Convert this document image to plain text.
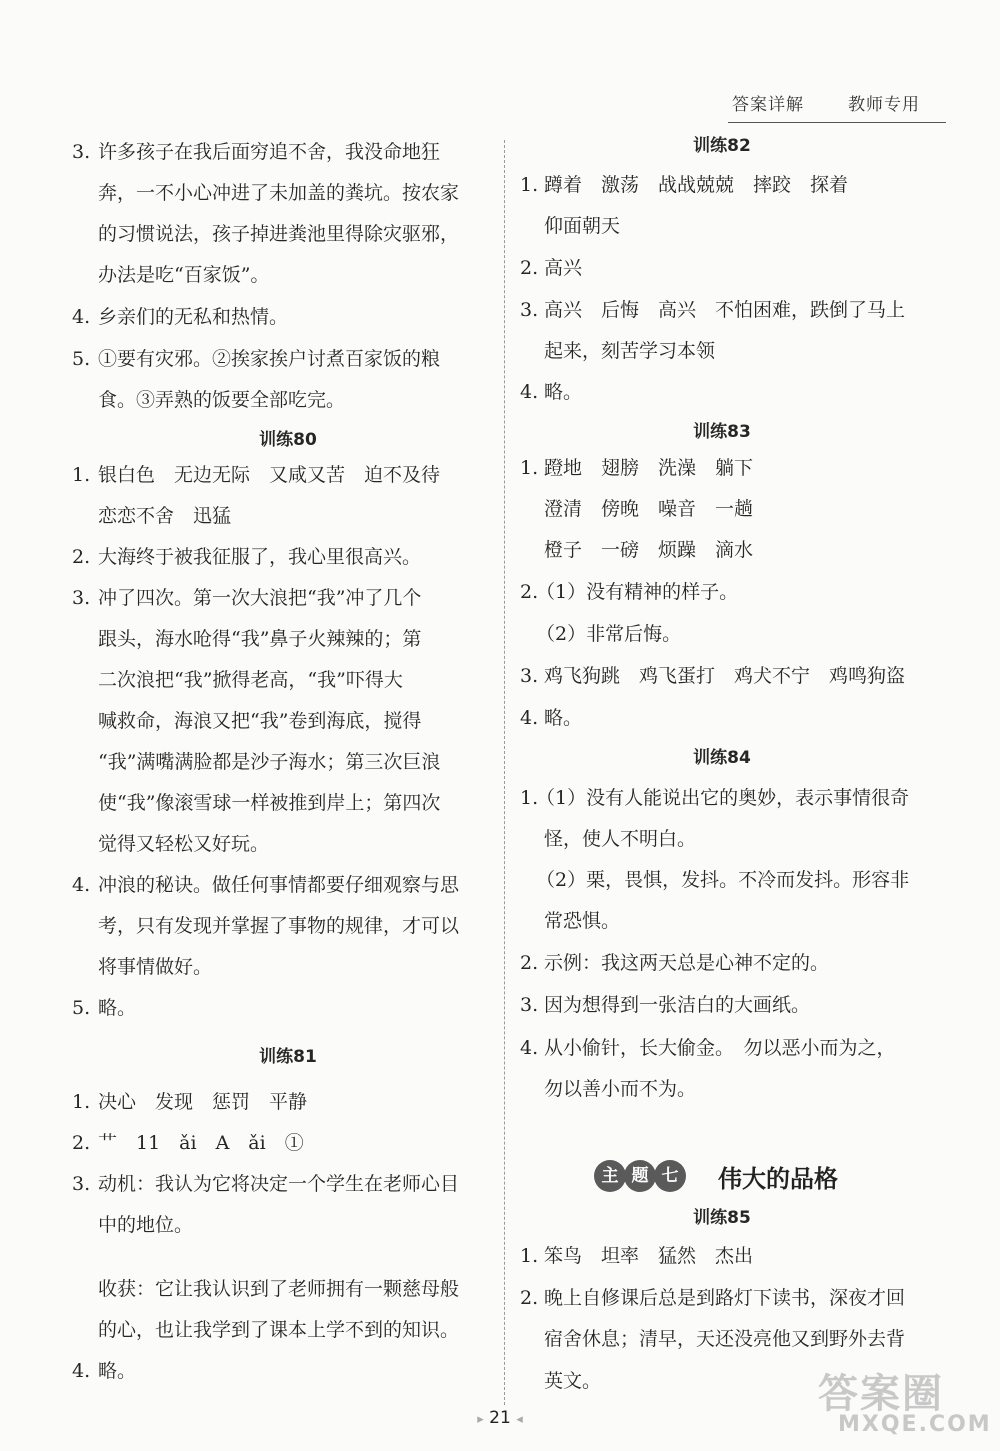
答案详解	教师专用
3. 许多孩子在我后面穷追不舍，我没命地狂
奔，一不小心冲进了未加盖的粪坑。按农家
的习惯说法，孩子掉进粪池里得除灾驱邪，
办法是吃“百家饭”。
4. 乡亲们的无私和热情。
5. ①要有灾邪。②挨家挨户讨煮百家饭的粮
食。③弄熟的饭要全部吃完。
训练80
1. 银白色　无边无际　又咸又苦　迫不及待
恋恋不舍　迅猛
2. 大海终于被我征服了，我心里很高兴。
3. 冲了四次。第一次大浪把“我”冲了几个
跟头，海水呛得“我”鼻子火辣辣的；第
二次浪把“我”掀得老高，“我”吓得大
喊救命，海浪又把“我”卷到海底，搅得
“我”满嘴满脸都是沙子海水；第三次巨浪
使“我”像滚雪球一样被推到岸上；第四次
觉得又轻松又好玩。
4. 冲浪的秘诀。做任何事情都要仔细观察与思
考，只有发现并掌握了事物的规律，才可以
将事情做好。
5. 略。
训练81
1. 决心　发现　惩罚　平静
2. 艹　11　ǎi　A　ǎi　①
3. 动机：我认为它将决定一个学生在老师心目
中的地位。
收获：它让我认识到了老师拥有一颗慈母般
的心，也让我学到了课本上学不到的知识。
4. 略。
训练82
1. 蹲着　激荡　战战兢兢　摔跤　探着
仰面朝天
2. 高兴
3. 高兴　后悔　高兴　不怕困难，跌倒了马上
起来，刻苦学习本领
4. 略。
训练83
1. 蹬地　翅膀　洗澡　躺下
澄清　傍晚　噪音　一趟
橙子　一磅　烦躁　滴水
2.
（1）没有精神的样子。
（2）非常后悔。
3. 鸡飞狗跳　鸡飞蛋打　鸡犬不宁　鸡鸣狗盗
4. 略。
训练84
1.
（1）没有人能说出它的奥妙，表示事情很奇
怪，使人不明白。
（2）栗，畏惧，发抖。不冷而发抖。形容非
常恐惧。
2. 示例：我这两天总是心神不定的。
3. 因为想得到一张洁白的大画纸。
4. 从小偷针，长大偷金。　勿以恶小而为之，
勿以善小而不为。
主 题 七	伟大的品格
训练85
1. 笨鸟　坦率　猛然　杰出
2. 晚上自修课后总是到路灯下读书，深夜才回
宿舍休息；清早，天还没亮他又到野外去背
英文。
▸ 21 ◂
答案圈
MXQE.COM
